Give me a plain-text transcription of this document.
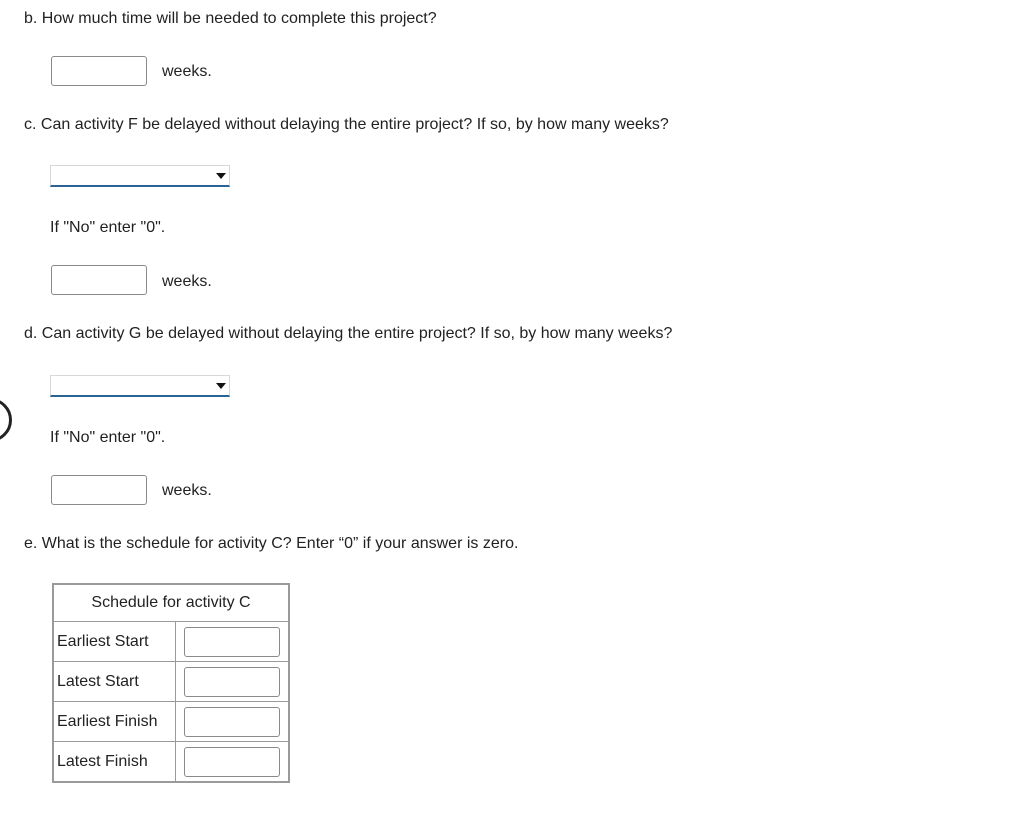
b. How much time will be needed to complete this project?
weeks.
c. Can activity F be delayed without delaying the entire project? If so, by how many weeks?
If "No" enter "0".
weeks.
d. Can activity G be delayed without delaying the entire project? If so, by how many weeks?
If "No" enter "0".
weeks.
e. What is the schedule for activity C? Enter “0” if your answer is zero.
Schedule for activity C	
Earliest Start	
Latest Start	
Earliest Finish	
Latest Finish	
